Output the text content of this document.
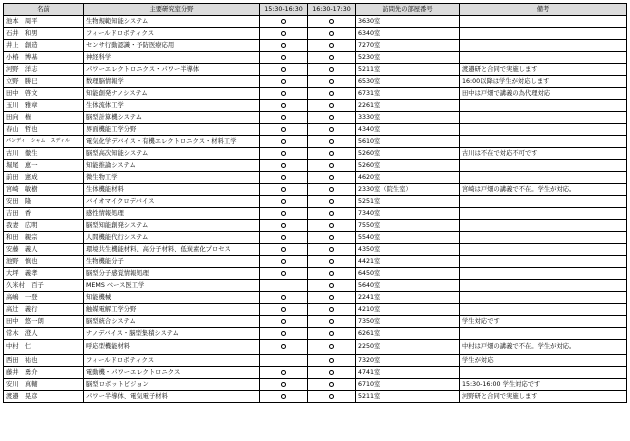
名前	主要研究室分野	15:30-16:30	16:30-17:30	訪問先の部屋番号	備考
池本　周平	生物規範知能システム			3630室	
石井　和男	フィールドロボティクス			6340室	
井上　創造	センサ行動認識・予防医療応用			7270室	
小椿　博基	神経科学			5230室	
河野　洋志	パワーエレクトロニクス・パワー半導体			5211室	渡邉研と合同で実施します
立野　勝巳	数理脳情報学			6530室	16:00以降は学生が対応します
田中　啓文	知能創発ナノシステム			6731室	田中は戸畑で講義の為代理対応
玉川　雅章	生体流体工学			2261室	
田向　権	脳型計算機システム			3330室	
春山　哲也	界面機能工学分野			4340室	
パンディ　シャム　スディル	電気化学デバイス・有機エレクトロニクス・材料工学			5610室	
古川　徹生	脳型高次知能システム			5260室	古川は不在で対応不可です
堀尾　恵一	知能推論システム			5260室	
前田　憲成	微生物工学			4620室	
宮崎　敏樹	生体機能材料			2330室（院生室）	宮崎は戸畑の講義で不在。学生が対応。
安田　隆	バイオマイクロデバイス			5251室	
吉田　香	感性情報処理			7340室	
我妻　広明	脳型知能創発システム			7550室	
和田　親宗	人間機能代行システム			5540室	
安藤　義人	環境共生機能材料、高分子材料、低炭素化プロセス			4350室	
池野　慎也	生物機能分子			4421室	
大坪　義孝	脳型分子感覚情報処理			6450室	
久米村　百子	MEMS ベース医工学			5640室	
高嶋　一登	知能機械			2241室	
高辻　義行	触媒電解工学分野			4210室	
田中　悠一朗	脳型統合システム			7350室	学生対応です
常木　澄人	ナノデバイス・脳型集積システム			6261室	
中村　仁	呼応型機能材料			2250室	中村は戸畑の講義で不在。学生が対応。
西田　祐也	フィールドロボティクス			7320室	学生が対応
藤井　勇介	電動機・パワーエレクトロニクス			4741室	
安川　真輔	脳型ロボットビジョン			6710室	15:30-16:00 学生対応です
渡邉　晃彦	パワー半導体、電気電子材料			5211室	河野研と合同で実施します
